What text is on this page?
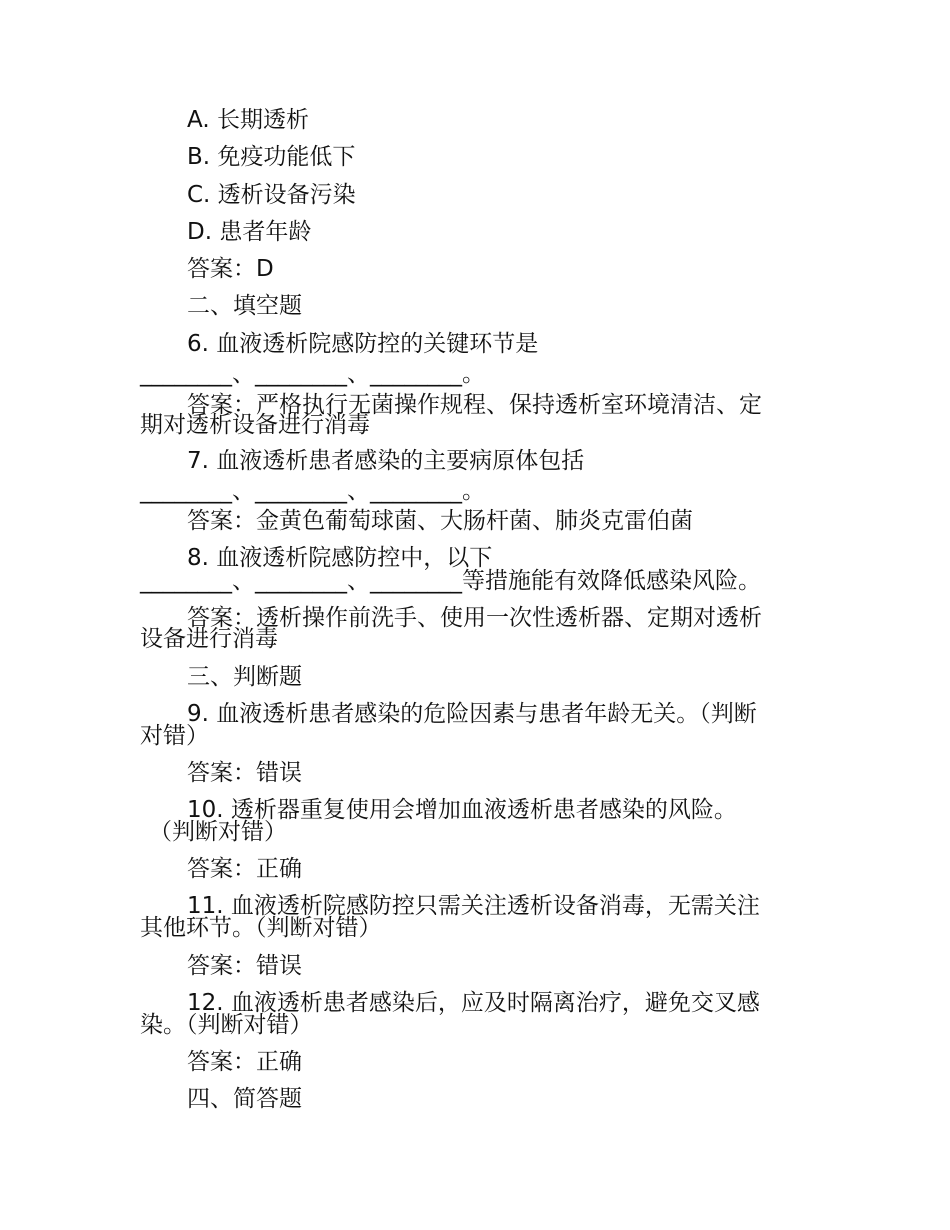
A. 长期透析

B. 免疫功能低下

C. 透析设备污染

D. 患者年龄

答案：D

二、填空题

6. 血液透析院感防控的关键环节是

________、________、________。

答案：严格执行无菌操作规程、保持透析室环境清洁、定

期对透析设备进行消毒

7. 血液透析患者感染的主要病原体包括

________、________、________。

答案：金黄色葡萄球菌、大肠杆菌、肺炎克雷伯菌

8. 血液透析院感防控中，以下

________、________、________等措施能有效降低感染风险。

答案：透析操作前洗手、使用一次性透析器、定期对透析

设备进行消毒

三、判断题

9. 血液透析患者感染的危险因素与患者年龄无关。（判断

对错）

答案：错误

10. 透析器重复使用会增加血液透析患者感染的风险。

（判断对错）

答案：正确

11. 血液透析院感防控只需关注透析设备消毒，无需关注

其他环节。（判断对错）

答案：错误

12. 血液透析患者感染后，应及时隔离治疗，避免交叉感

染。（判断对错）

答案：正确

四、简答题
